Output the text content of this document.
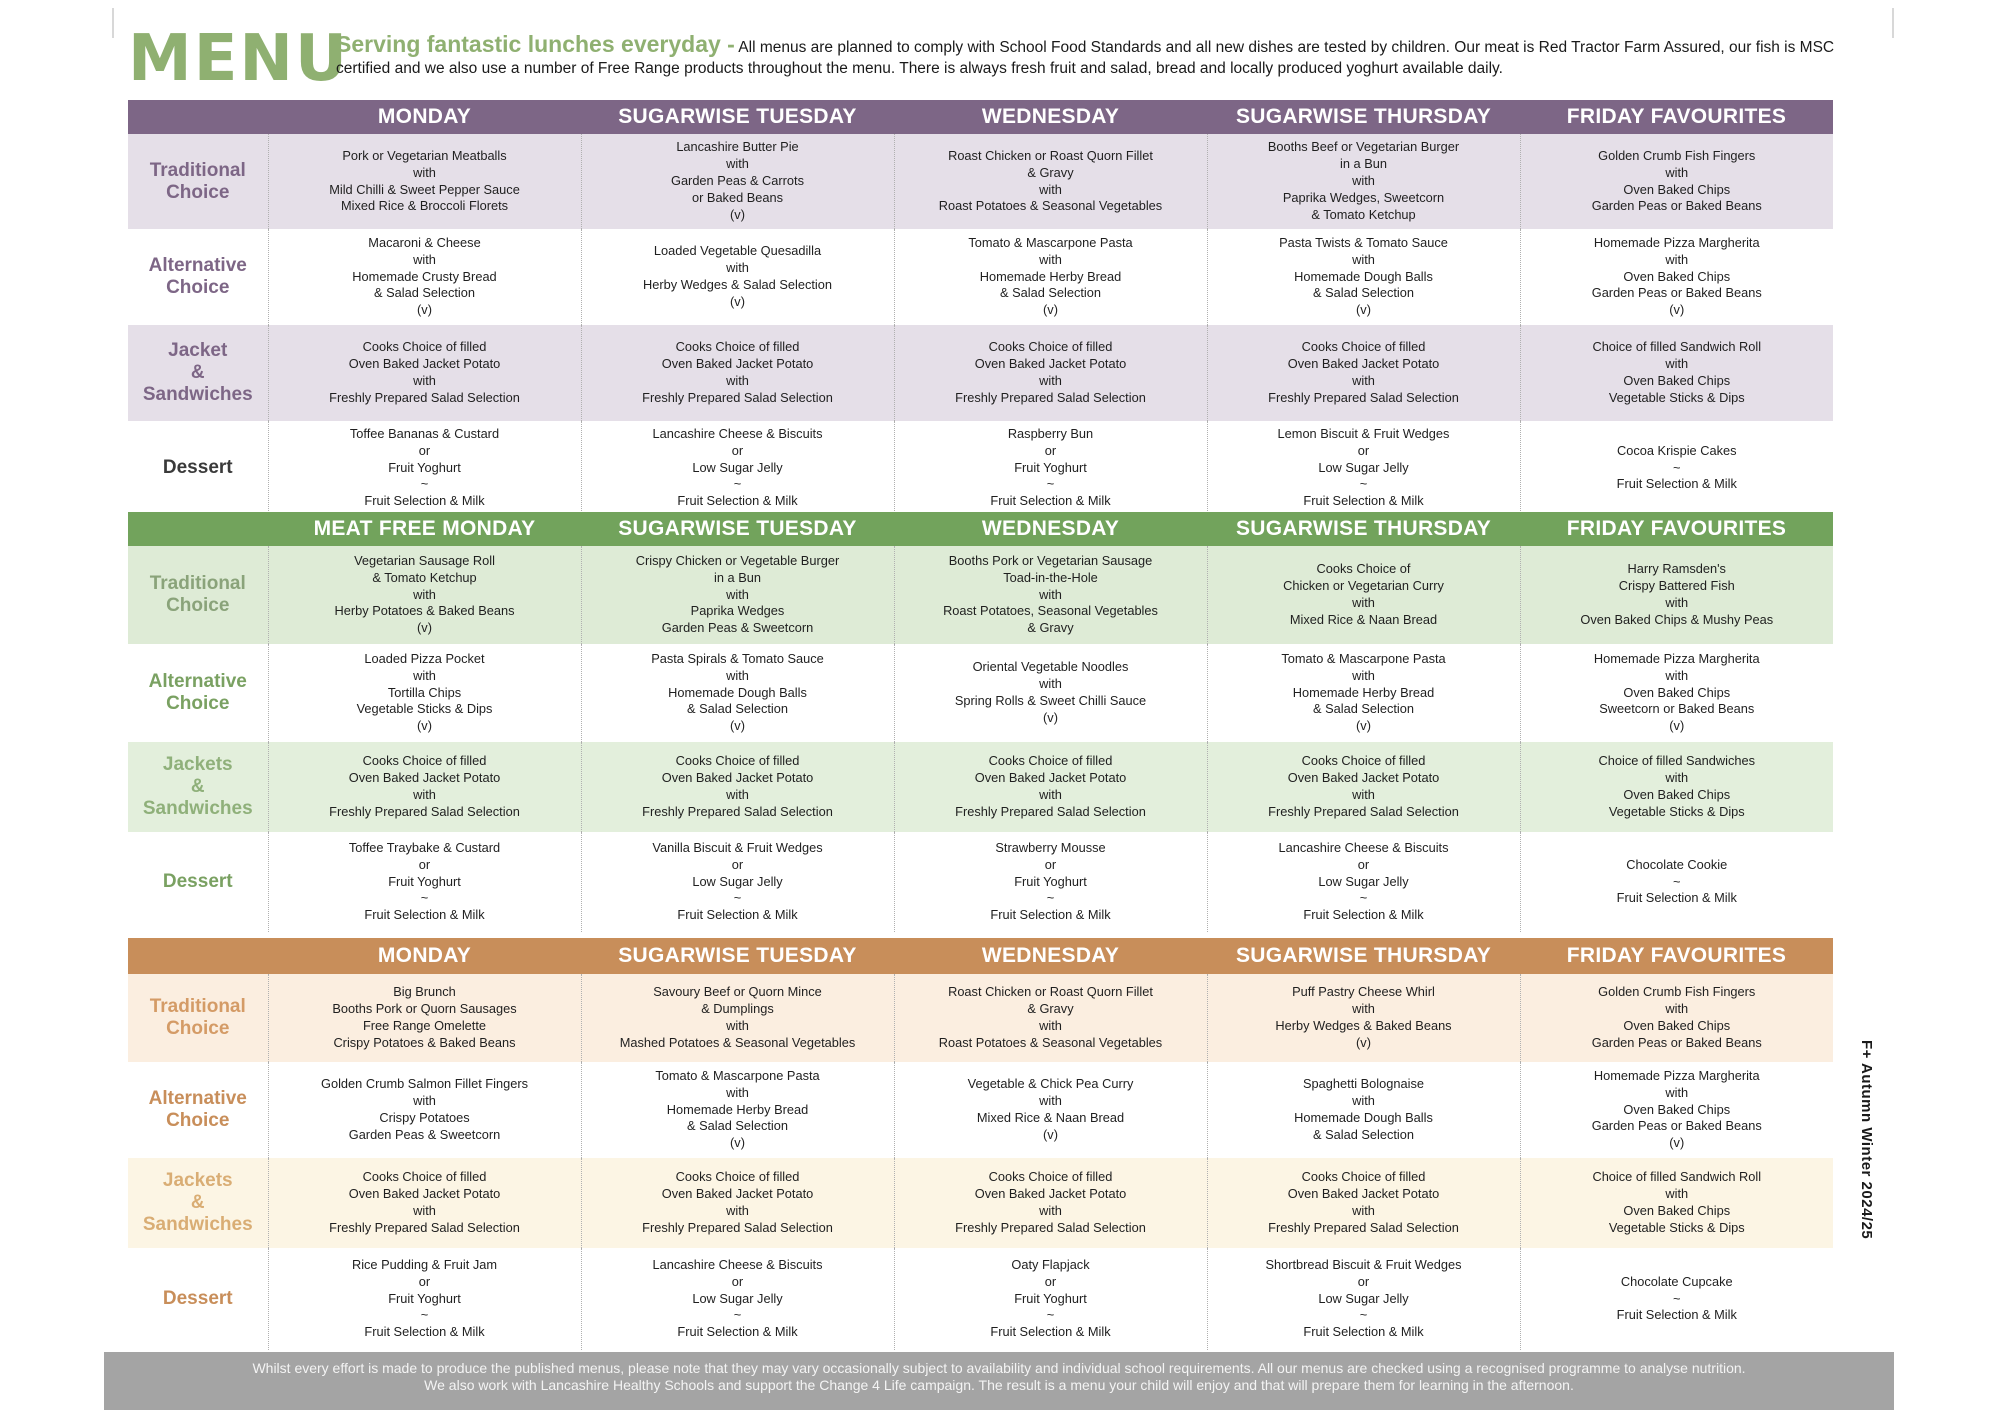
MENU
Serving fantastic lunches everyday - All menus are planned to comply with School Food Standards and all new dishes are tested by children. Our meat is Red Tractor Farm Assured, our fish is MSC certified and we also use a number of Free Range products throughout the menu. There is always fresh fruit and salad, bread and locally produced yoghurt available daily.
	MONDAY	SUGARWISE TUESDAY	WEDNESDAY	SUGARWISE THURSDAY	FRIDAY FAVOURITES

Traditional
Choice	Pork or Vegetarian Meatballs
with
Mild Chilli & Sweet Pepper Sauce
Mixed Rice & Broccoli Florets	Lancashire Butter Pie
with
Garden Peas & Carrots
or Baked Beans
(v)	Roast Chicken or Roast Quorn Fillet
& Gravy
with
Roast Potatoes & Seasonal Vegetables	Booths Beef or Vegetarian Burger
in a Bun
with
Paprika Wedges, Sweetcorn
& Tomato Ketchup	Golden Crumb Fish Fingers
with
Oven Baked Chips
Garden Peas or Baked Beans

Alternative
Choice	Macaroni & Cheese
with
Homemade Crusty Bread
& Salad Selection
(v)	Loaded Vegetable Quesadilla
with
Herby Wedges & Salad Selection
(v)	Tomato & Mascarpone Pasta
with
Homemade Herby Bread
& Salad Selection
(v)	Pasta Twists & Tomato Sauce
with
Homemade Dough Balls
& Salad Selection
(v)	Homemade Pizza Margherita
with
Oven Baked Chips
Garden Peas or Baked Beans
(v)

Jacket
&
Sandwiches	Cooks Choice of filled
Oven Baked Jacket Potato
with
Freshly Prepared Salad Selection	Cooks Choice of filled
Oven Baked Jacket Potato
with
Freshly Prepared Salad Selection	Cooks Choice of filled
Oven Baked Jacket Potato
with
Freshly Prepared Salad Selection	Cooks Choice of filled
Oven Baked Jacket Potato
with
Freshly Prepared Salad Selection	Choice of filled Sandwich Roll
with
Oven Baked Chips
Vegetable Sticks & Dips

Dessert	Toffee Bananas & Custard
or
Fruit Yoghurt
~
Fruit Selection & Milk	Lancashire Cheese & Biscuits
or
Low Sugar Jelly
~
Fruit Selection & Milk	Raspberry Bun
or
Fruit Yoghurt
~
Fruit Selection & Milk	Lemon Biscuit & Fruit Wedges
or
Low Sugar Jelly
~
Fruit Selection & Milk	Cocoa Krispie Cakes
~
Fruit Selection & Milk
	MEAT FREE MONDAY	SUGARWISE TUESDAY	WEDNESDAY	SUGARWISE THURSDAY	FRIDAY FAVOURITES

Traditional
Choice	Vegetarian Sausage Roll
& Tomato Ketchup
with
Herby Potatoes & Baked Beans
(v)	Crispy Chicken or Vegetable Burger
in a Bun
with
Paprika Wedges
Garden Peas & Sweetcorn	Booths Pork or Vegetarian Sausage
Toad-in-the-Hole
with
Roast Potatoes, Seasonal Vegetables
& Gravy	Cooks Choice of
Chicken or Vegetarian Curry
with
Mixed Rice & Naan Bread	Harry Ramsden's
Crispy Battered Fish
with
Oven Baked Chips & Mushy Peas

Alternative
Choice	Loaded Pizza Pocket
with
Tortilla Chips
Vegetable Sticks & Dips
(v)	Pasta Spirals & Tomato Sauce
with
Homemade Dough Balls
& Salad Selection
(v)	Oriental Vegetable Noodles
with
Spring Rolls & Sweet Chilli Sauce
(v)	Tomato & Mascarpone Pasta
with
Homemade Herby Bread
& Salad Selection
(v)	Homemade Pizza Margherita
with
Oven Baked Chips
Sweetcorn or Baked Beans
(v)

Jackets
&
Sandwiches	Cooks Choice of filled
Oven Baked Jacket Potato
with
Freshly Prepared Salad Selection	Cooks Choice of filled
Oven Baked Jacket Potato
with
Freshly Prepared Salad Selection	Cooks Choice of filled
Oven Baked Jacket Potato
with
Freshly Prepared Salad Selection	Cooks Choice of filled
Oven Baked Jacket Potato
with
Freshly Prepared Salad Selection	Choice of filled Sandwiches
with
Oven Baked Chips
Vegetable Sticks & Dips

Dessert	Toffee Traybake & Custard
or
Fruit Yoghurt
~
Fruit Selection & Milk	Vanilla Biscuit & Fruit Wedges
or
Low Sugar Jelly
~
Fruit Selection & Milk	Strawberry Mousse
or
Fruit Yoghurt
~
Fruit Selection & Milk	Lancashire Cheese & Biscuits
or
Low Sugar Jelly
~
Fruit Selection & Milk	Chocolate Cookie
~
Fruit Selection & Milk
	MONDAY	SUGARWISE TUESDAY	WEDNESDAY	SUGARWISE THURSDAY	FRIDAY FAVOURITES

Traditional
Choice	Big Brunch
Booths Pork or Quorn Sausages
Free Range Omelette
Crispy Potatoes & Baked Beans	Savoury Beef or Quorn Mince
& Dumplings
with
Mashed Potatoes & Seasonal Vegetables	Roast Chicken or Roast Quorn Fillet
& Gravy
with
Roast Potatoes & Seasonal Vegetables	Puff Pastry Cheese Whirl
with
Herby Wedges & Baked Beans
(v)	Golden Crumb Fish Fingers
with
Oven Baked Chips
Garden Peas or Baked Beans

Alternative
Choice	Golden Crumb Salmon Fillet Fingers
with
Crispy Potatoes
Garden Peas & Sweetcorn	Tomato & Mascarpone Pasta
with
Homemade Herby Bread
& Salad Selection
(v)	Vegetable & Chick Pea Curry
with
Mixed Rice & Naan Bread
(v)	Spaghetti Bolognaise
with
Homemade Dough Balls
& Salad Selection	Homemade Pizza Margherita
with
Oven Baked Chips
Garden Peas or Baked Beans
(v)

Jackets
&
Sandwiches	Cooks Choice of filled
Oven Baked Jacket Potato
with
Freshly Prepared Salad Selection	Cooks Choice of filled
Oven Baked Jacket Potato
with
Freshly Prepared Salad Selection	Cooks Choice of filled
Oven Baked Jacket Potato
with
Freshly Prepared Salad Selection	Cooks Choice of filled
Oven Baked Jacket Potato
with
Freshly Prepared Salad Selection	Choice of filled Sandwich Roll
with
Oven Baked Chips
Vegetable Sticks & Dips

Dessert	Rice Pudding & Fruit Jam
or
Fruit Yoghurt
~
Fruit Selection & Milk	Lancashire Cheese & Biscuits
or
Low Sugar Jelly
~
Fruit Selection & Milk	Oaty Flapjack
or
Fruit Yoghurt
~
Fruit Selection & Milk	Shortbread Biscuit & Fruit Wedges
or
Low Sugar Jelly
~
Fruit Selection & Milk	Chocolate Cupcake
~
Fruit Selection & Milk
F+ Autumn Winter 2024/25
Whilst every effort is made to produce the published menus, please note that they may vary occasionally subject to availability and individual school requirements. All our menus are checked using a recognised programme to analyse nutrition.
We also work with Lancashire Healthy Schools and support the Change 4 Life campaign. The result is a menu your child will enjoy and that will prepare them for learning in the afternoon.
